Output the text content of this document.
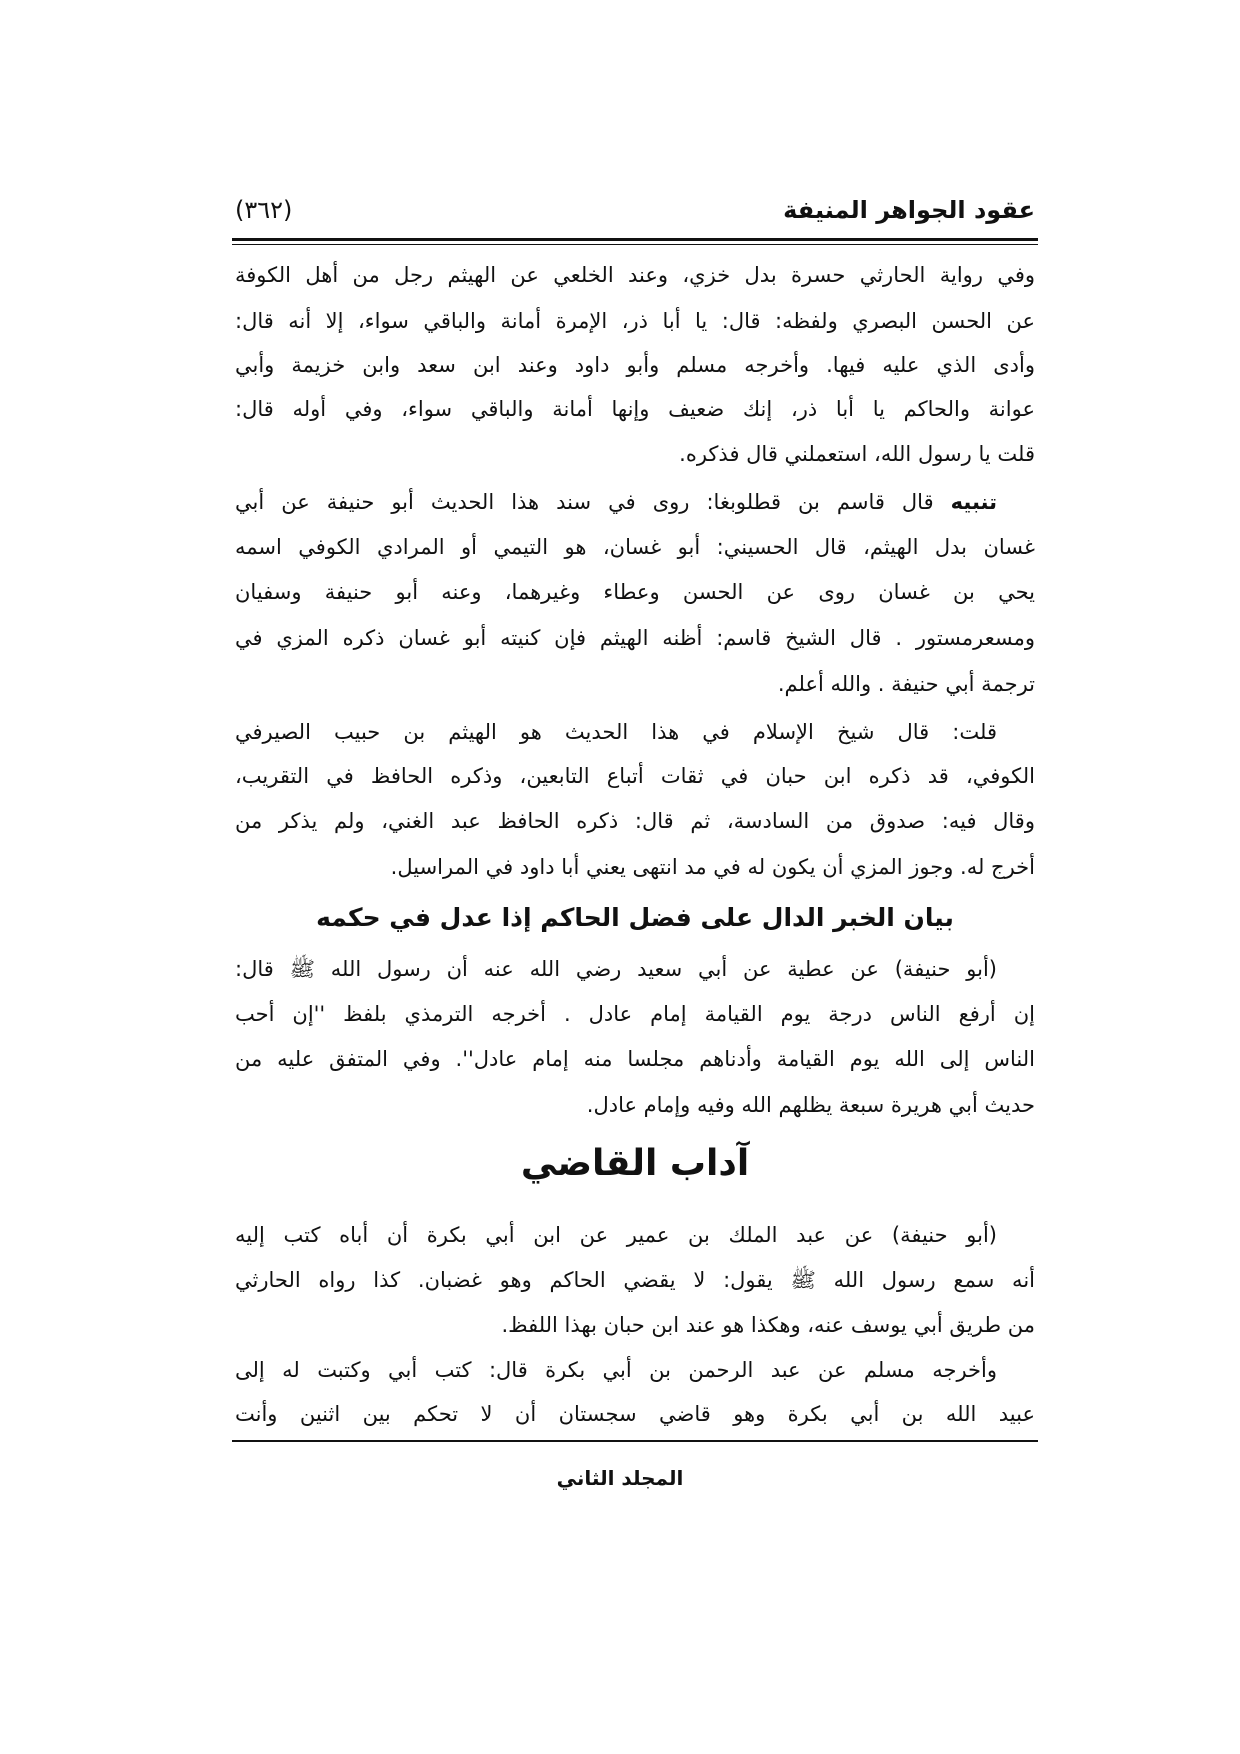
عقود الجواهر المنيفة
(٣٦٢)
وفي رواية الحارثي حسرة بدل خزي، وعند الخلعي عن الهيثم رجل من أهل الكوفة
عن الحسن البصري ولفظه: قال: يا أبا ذر، الإمرة أمانة والباقي سواء، إلا أنه قال:
وأدى الذي عليه فيها. وأخرجه مسلم وأبو داود وعند ابن سعد وابن خزيمة وأبي
عوانة والحاكم يا أبا ذر، إنك ضعيف وإنها أمانة والباقي سواء، وفي أوله قال:
قلت يا رسول الله، استعملني قال فذكره.
تنبيه قال قاسم بن قطلوبغا: روى في سند هذا الحديث أبو حنيفة عن أبي
غسان بدل الهيثم، قال الحسيني: أبو غسان، هو التيمي أو المرادي الكوفي اسمه
يحي بن غسان روى عن الحسن وعطاء وغيرهما، وعنه أبو حنيفة وسفيان
ومسعرمستور . قال الشيخ قاسم: أظنه الهيثم فإن كنيته أبو غسان ذكره المزي في
ترجمة أبي حنيفة . والله أعلم.
قلت: قال شيخ الإسلام في هذا الحديث هو الهيثم بن حبيب الصيرفي
الكوفي، قد ذكره ابن حبان في ثقات أتباع التابعين، وذكره الحافظ في التقريب،
وقال فيه: صدوق من السادسة، ثم قال: ذكره الحافظ عبد الغني، ولم يذكر من
أخرج له. وجوز المزي أن يكون له في مد انتهى يعني أبا داود في المراسيل.
بيان الخبر الدال على فضل الحاكم إذا عدل في حكمه
(أبو حنيفة) عن عطية عن أبي سعيد رضي الله عنه أن رسول الله ﷺ قال:
إن أرفع الناس درجة يوم القيامة إمام عادل . أخرجه الترمذي بلفظ ''إن أحب
الناس إلى الله يوم القيامة وأدناهم مجلسا منه إمام عادل''. وفي المتفق عليه من
حديث أبي هريرة سبعة يظلهم الله وفيه وإمام عادل.
آداب القاضي
(أبو حنيفة) عن عبد الملك بن عمير عن ابن أبي بكرة أن أباه كتب إليه
أنه سمع رسول الله ﷺ يقول: لا يقضي الحاكم وهو غضبان. كذا رواه الحارثي
من طريق أبي يوسف عنه، وهكذا هو عند ابن حبان بهذا اللفظ.
وأخرجه مسلم عن عبد الرحمن بن أبي بكرة قال: كتب أبي وكتبت له إلى
عبيد الله بن أبي بكرة وهو قاضي سجستان أن لا تحكم بين اثنين وأنت
المجلد الثاني
